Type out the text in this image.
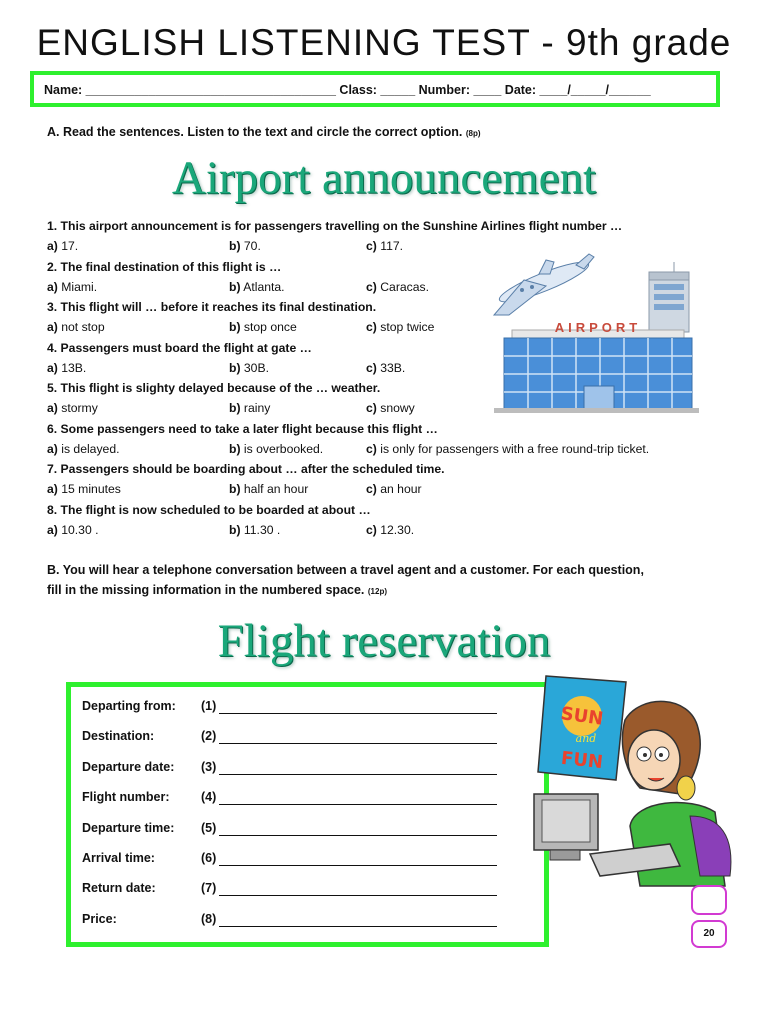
ENGLISH LISTENING TEST - 9th grade
Name: ____________________________________ Class: _____ Number: ____ Date: ____/_____/______
A. Read the sentences. Listen to the text and circle the correct option. (8p)
Airport announcement
1. This airport announcement is for passengers travelling on the Sunshine Airlines flight number …
a) 17.	b) 70.	c) 117.
2. The final destination of this flight is …
a) Miami.	b) Atlanta.	c) Caracas.
3. This flight will … before it reaches its final destination.
a) not stop	b) stop once	c) stop twice
4. Passengers must board the flight at gate …
a) 13B.	b) 30B.	c) 33B.
5. This flight is slighty delayed because of the … weather.
a) stormy	b) rainy	c) snowy
6. Some passengers need to take a later flight because this flight …
a) is delayed.	b) is overbooked.	c) is only for passengers with a free round-trip ticket.
7. Passengers should be boarding about … after the scheduled time.
a) 15 minutes	b) half an hour	c) an hour
8. The flight is now scheduled to be boarded at about …
a) 10.30 .	b) 11.30 .	c) 12.30.
AIRPORT
B. You will hear a telephone conversation between a travel agent and a customer. For each question,
fill in the missing information in the numbered space. (12p)
Flight reservation
Departing from: (1)
Destination:	(2)
Departure date: (3)
Flight number:	(4)
Departure time: (5)
Arrival time:	(6)
Return date:	(7)
Price:	(8)
SUN
and
FUN
20
